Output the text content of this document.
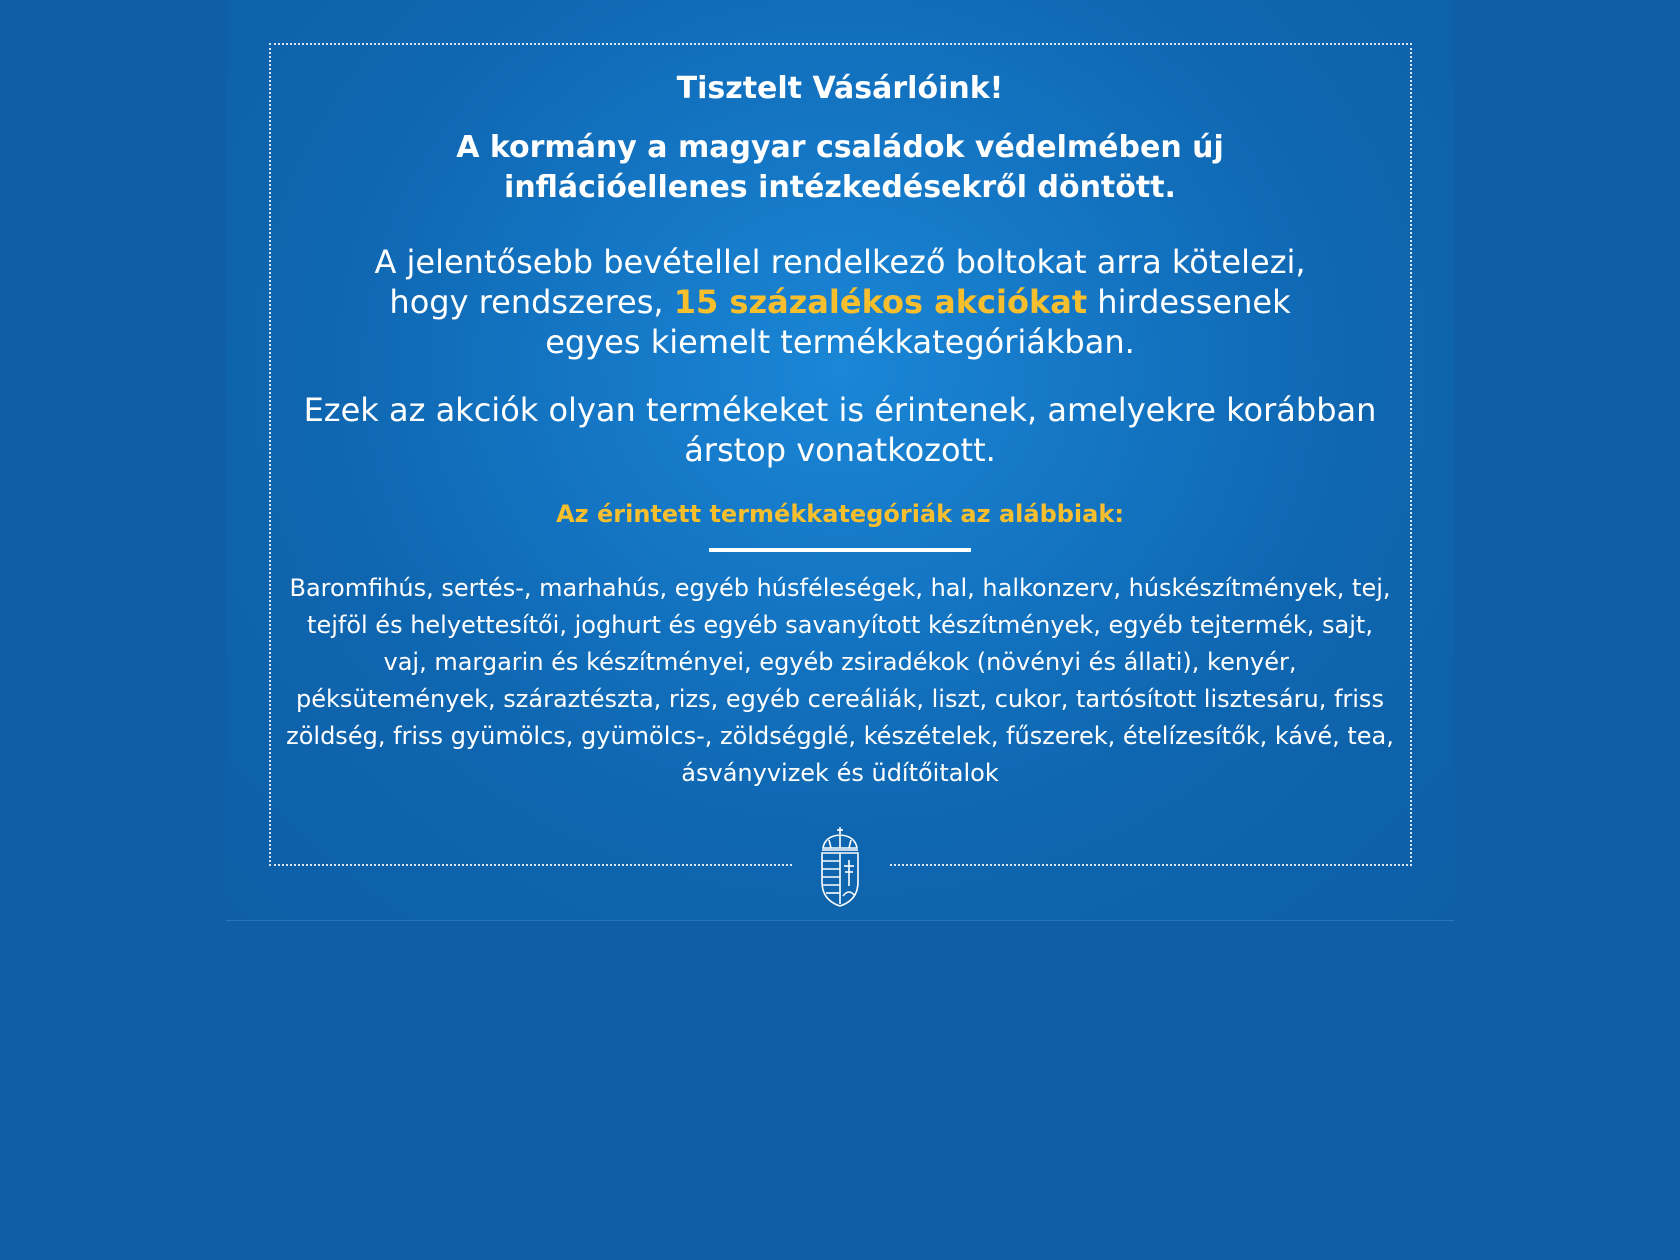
Tisztelt Vásárlóink!

A kormány a magyar családok védelmében új inflációellenes intézkedésekről döntött.

A jelentősebb bevétellel rendelkező boltokat arra kötelezi, hogy rendszeres, 15 százalékos akciókat hirdessenek egyes kiemelt termékkategóriákban.

Ezek az akciók olyan termékeket is érintenek, amelyekre korábban árstop vonatkozott.

Az érintett termékkategóriák az alábbiak:

Baromfihús, sertés-, marhahús, egyéb húsféleségek, hal, halkonzerv, húskészítmények, tej, tejföl és helyettesítői, joghurt és egyéb savanyított készítmények, egyéb tejtermék, sajt, vaj, margarin és készítményei, egyéb zsiradékok (növényi és állati), kenyér, péksütemények, száraztészta, rizs, egyéb cereáliák, liszt, cukor, tartósított lisztesáru, friss zöldség, friss gyümölcs, gyümölcs-, zöldségglé, készételek, fűszerek, ételízesítők, kávé, tea, ásványvizek és üdítőitalok
